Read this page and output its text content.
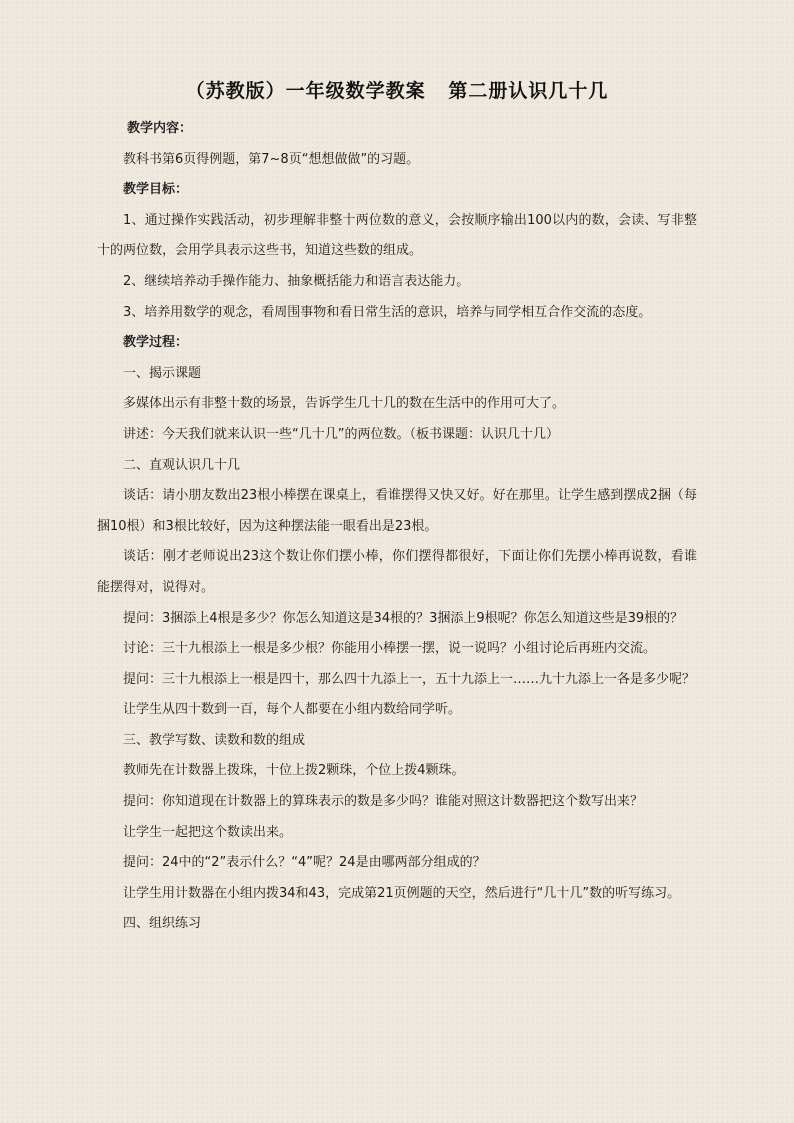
（苏教版）一年级数学教案   第二册认识几十几

教学内容：

教科书第6页得例题，第7~8页“想想做做”的习题。

教学目标：

1、通过操作实践活动，初步理解非整十两位数的意义，会按顺序输出100以内的数，会读、写非整十的两位数，会用学具表示这些书，知道这些数的组成。

2、继续培养动手操作能力、抽象概括能力和语言表达能力。

3、培养用数学的观念，看周围事物和看日常生活的意识，培养与同学相互合作交流的态度。

教学过程：

一、揭示课题

多媒体出示有非整十数的场景，告诉学生几十几的数在生活中的作用可大了。

讲述：今天我们就来认识一些“几十几”的两位数。（板书课题：认识几十几）

二、直观认识几十几

谈话：请小朋友数出23根小棒摆在课桌上，看谁摆得又快又好。好在那里。让学生感到摆成2捆（每捆10根）和3根比较好，因为这种摆法能一眼看出是23根。

谈话：刚才老师说出23这个数让你们摆小棒，你们摆得都很好，下面让你们先摆小棒再说数，看谁能摆得对，说得对。

提问：3捆添上4根是多少？你怎么知道这是34根的？3捆添上9根呢？你怎么知道这些是39根的？

讨论：三十九根添上一根是多少根？你能用小棒摆一摆，说一说吗？小组讨论后再班内交流。

提问：三十九根添上一根是四十，那么四十九添上一，五十九添上一……九十九添上一各是多少呢？

让学生从四十数到一百，每个人都要在小组内数给同学听。

三、教学写数、读数和数的组成

教师先在计数器上拨珠，十位上拨2颗珠，个位上拨4颗珠。

提问：你知道现在计数器上的算珠表示的数是多少吗？谁能对照这计数器把这个数写出来？

让学生一起把这个数读出来。

提问：24中的“2”表示什么？“4”呢？24是由哪两部分组成的？

让学生用计数器在小组内拨34和43，完成第21页例题的天空，然后进行“几十几”数的听写练习。

四、组织练习
